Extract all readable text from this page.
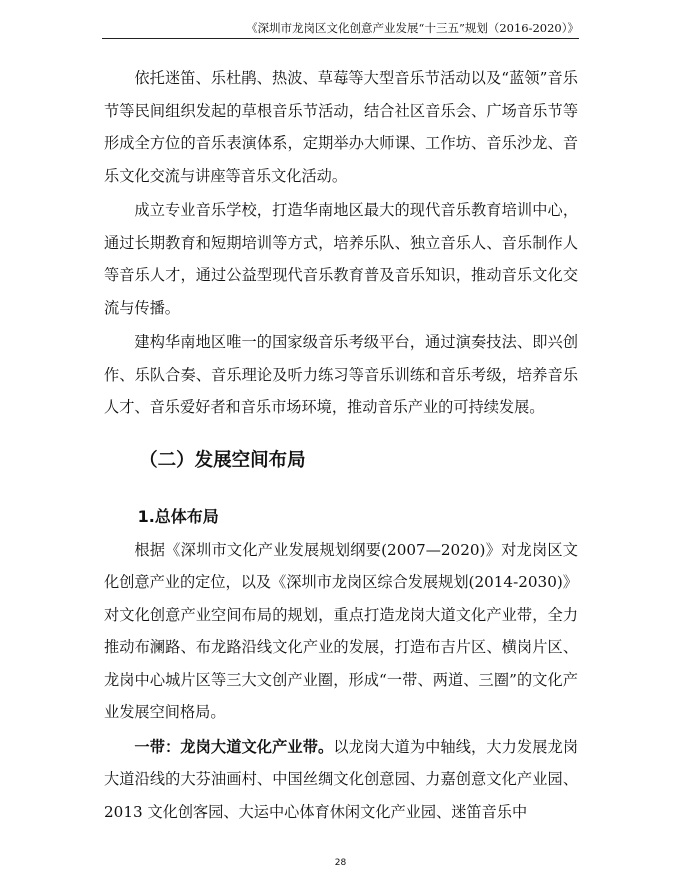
《深圳市龙岗区文化创意产业发展“十三五”规划（2016-2020）》

依托迷笛、乐杜鹃、热波、草莓等大型音乐节活动以及“蓝领”音乐节等民间组织发起的草根音乐节活动，结合社区音乐会、广场音乐节等形成全方位的音乐表演体系，定期举办大师课、工作坊、音乐沙龙、音乐文化交流与讲座等音乐文化活动。

成立专业音乐学校，打造华南地区最大的现代音乐教育培训中心，通过长期教育和短期培训等方式，培养乐队、独立音乐人、音乐制作人等音乐人才，通过公益型现代音乐教育普及音乐知识，推动音乐文化交流与传播。

建构华南地区唯一的国家级音乐考级平台，通过演奏技法、即兴创作、乐队合奏、音乐理论及听力练习等音乐训练和音乐考级，培养音乐人才、音乐爱好者和音乐市场环境，推动音乐产业的可持续发展。

（二）发展空间布局
1.总体布局

根据《深圳市文化产业发展规划纲要(2007—2020)》对龙岗区文化创意产业的定位，以及《深圳市龙岗区综合发展规划(2014-2030)》对文化创意产业空间布局的规划，重点打造龙岗大道文化产业带，全力推动布澜路、布龙路沿线文化产业的发展，打造布吉片区、横岗片区、龙岗中心城片区等三大文创产业圈，形成“一带、两道、三圈”的文化产业发展空间格局。

一带：龙岗大道文化产业带。以龙岗大道为中轴线，大力发展龙岗大道沿线的大芬油画村、中国丝绸文化创意园、力嘉创意文化产业园、2013 文化创客园、大运中心体育休闲文化产业园、迷笛音乐中

28
